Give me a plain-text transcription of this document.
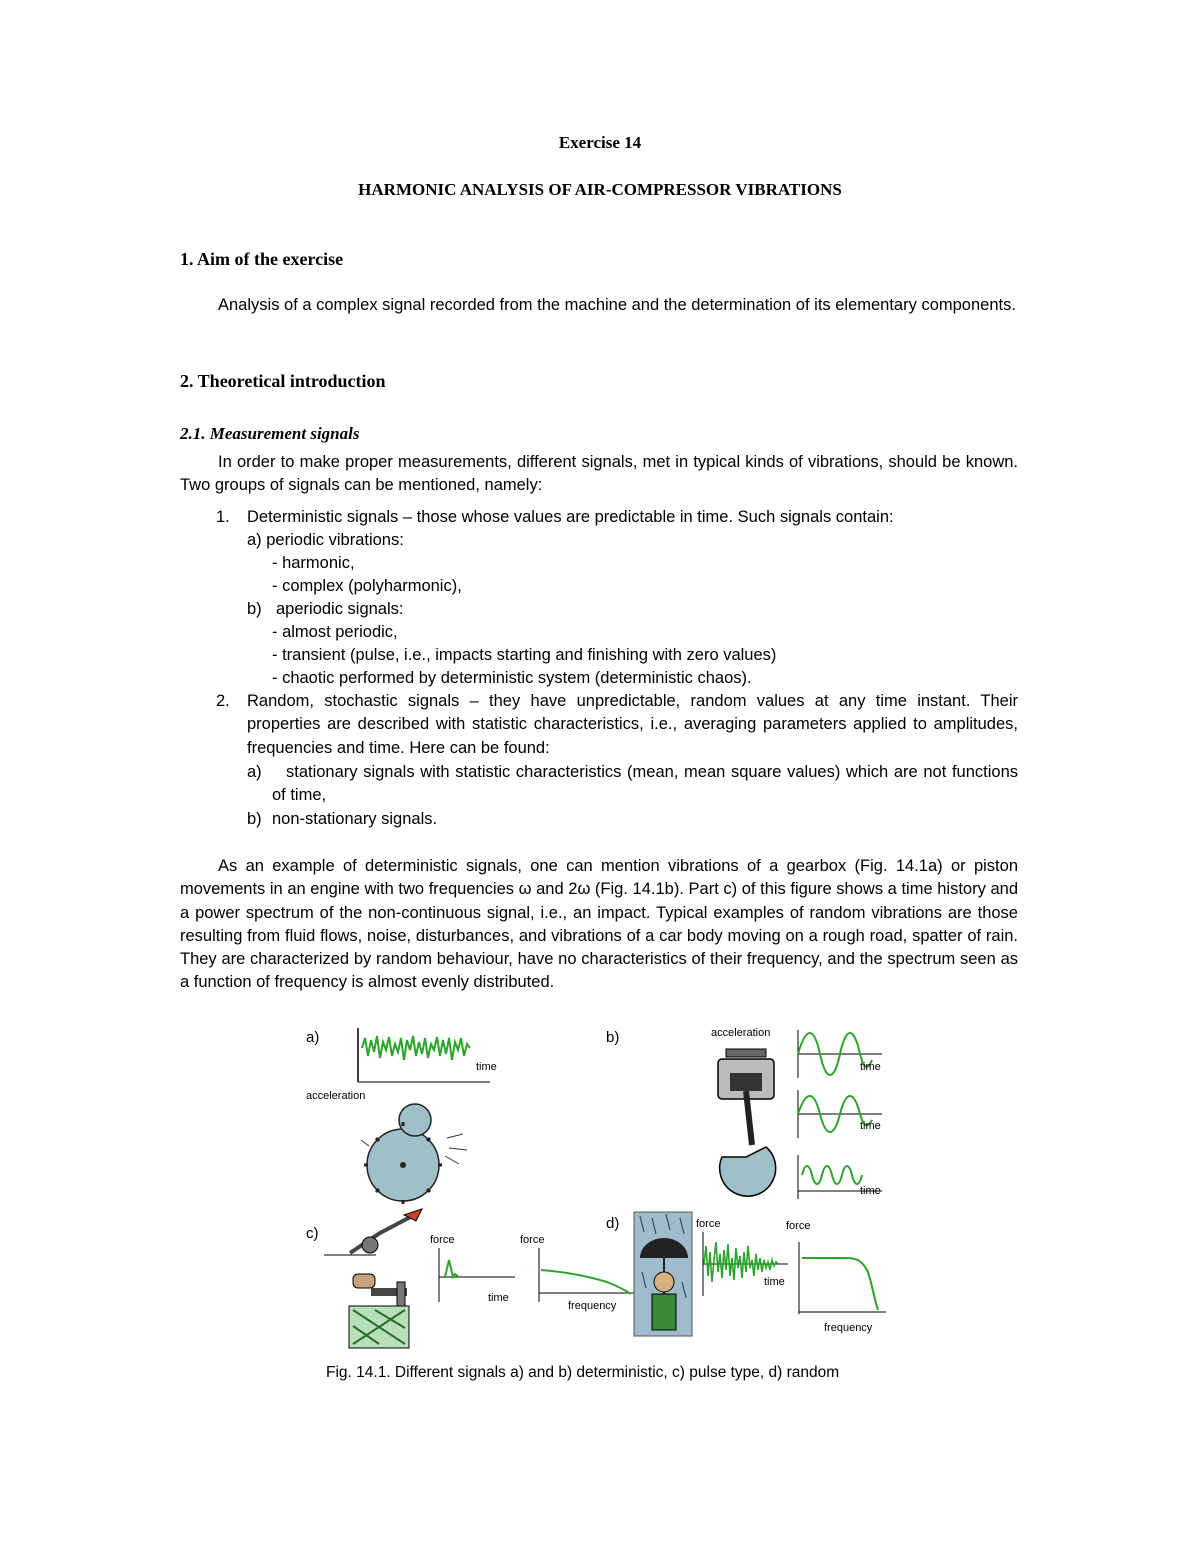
Exercise 14
HARMONIC ANALYSIS OF AIR-COMPRESSOR VIBRATIONS
1. Aim of the exercise
Analysis of a complex signal recorded from the machine and the determination of its elementary components.
2. Theoretical introduction
2.1. Measurement signals
In order to make proper measurements, different signals, met in typical kinds of vibrations, should be known. Two groups of signals can be mentioned, namely:
1. Deterministic signals – those whose values are predictable in time. Such signals contain:
a) periodic vibrations:
- harmonic,
- complex (polyharmonic),
b) aperiodic signals:
- almost periodic,
- transient (pulse, i.e., impacts starting and finishing with zero values)
- chaotic performed by deterministic system (deterministic chaos).
2. Random, stochastic signals – they have unpredictable, random values at any time instant. Their properties are described with statistic characteristics, i.e., averaging parameters applied to amplitudes, frequencies and time. Here can be found:
a)	stationary signals with statistic characteristics (mean, mean square values) which are not functions of time,
b) non-stationary signals.
As an example of deterministic signals, one can mention vibrations of a gearbox (Fig. 14.1a) or piston movements in an engine with two frequencies ω and 2ω (Fig. 14.1b). Part c) of this figure shows a time history and a power spectrum of the non-continuous signal, i.e., an impact. Typical examples of random vibrations are those resulting from fluid flows, noise, disturbances, and vibrations of a car body moving on a rough road, spatter of rain. They are characterized by random behaviour, have no characteristics of their frequency, and the spectrum seen as a function of frequency is almost evenly distributed.
a)	b)
c)
d)
time
acceleration
acceleration
time
time
time
force
time
force
frequency
force
time
force
frequency
Fig. 14.1. Different signals a) and b) deterministic, c) pulse type, d) random
